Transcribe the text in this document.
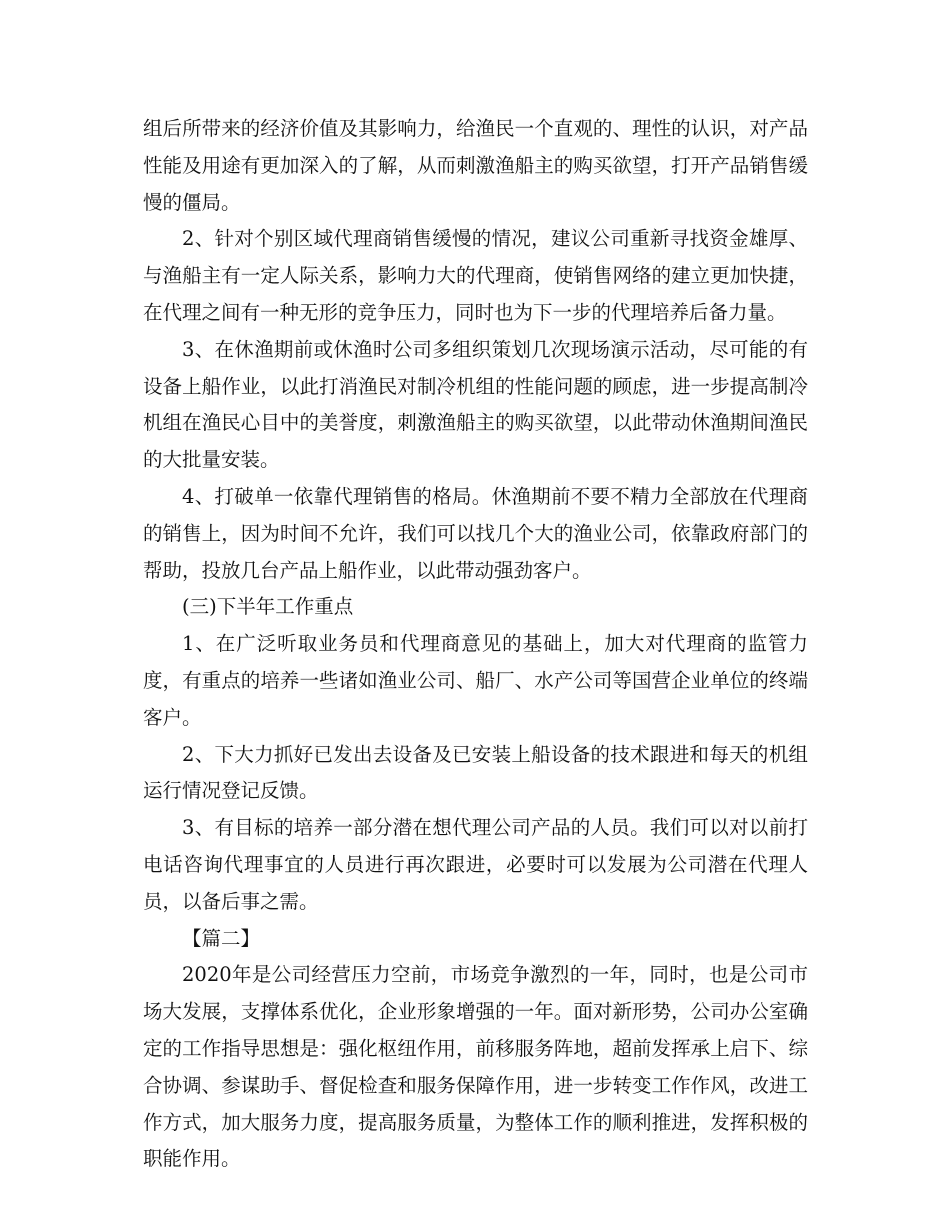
组后所带来的经济价值及其影响力，给渔民一个直观的、理性的认识，对产品性能及用途有更加深入的了解，从而刺激渔船主的购买欲望，打开产品销售缓慢的僵局。

2、针对个别区域代理商销售缓慢的情况，建议公司重新寻找资金雄厚、与渔船主有一定人际关系，影响力大的代理商，使销售网络的建立更加快捷，在代理之间有一种无形的竞争压力，同时也为下一步的代理培养后备力量。

3、在休渔期前或休渔时公司多组织策划几次现场演示活动，尽可能的有设备上船作业，以此打消渔民对制冷机组的性能问题的顾虑，进一步提高制冷机组在渔民心目中的美誉度，刺激渔船主的购买欲望，以此带动休渔期间渔民的大批量安装。

4、打破单一依靠代理销售的格局。休渔期前不要不精力全部放在代理商的销售上，因为时间不允许，我们可以找几个大的渔业公司，依靠政府部门的帮助，投放几台产品上船作业，以此带动强劲客户。

(三)下半年工作重点

1、在广泛听取业务员和代理商意见的基础上，加大对代理商的监管力度，有重点的培养一些诸如渔业公司、船厂、水产公司等国营企业单位的终端客户。

2、下大力抓好已发出去设备及已安装上船设备的技术跟进和每天的机组运行情况登记反馈。

3、有目标的培养一部分潜在想代理公司产品的人员。我们可以对以前打电话咨询代理事宜的人员进行再次跟进，必要时可以发展为公司潜在代理人员，以备后事之需。

【篇二】

2020年是公司经营压力空前，市场竞争激烈的一年，同时，也是公司市场大发展，支撑体系优化，企业形象增强的一年。面对新形势，公司办公室确定的工作指导思想是：强化枢纽作用，前移服务阵地，超前发挥承上启下、综合协调、参谋助手、督促检查和服务保障作用，进一步转变工作作风，改进工作方式，加大服务力度，提高服务质量，为整体工作的顺利推进，发挥积极的职能作用。
